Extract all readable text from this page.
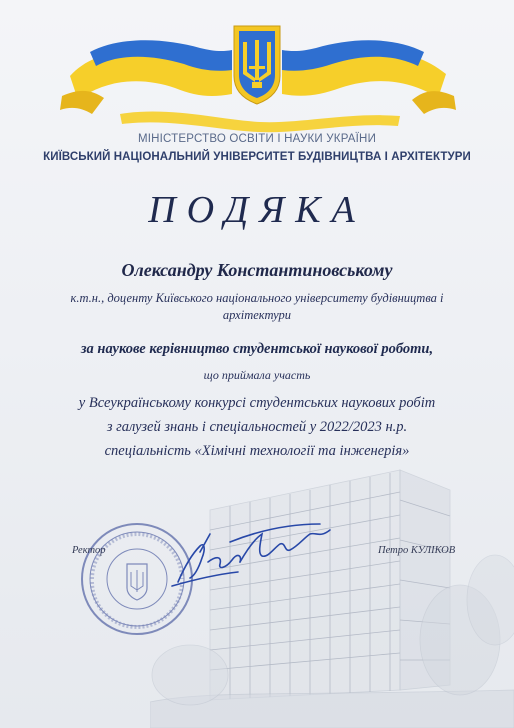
МІНІСТЕРСТВО ОСВІТИ І НАУКИ УКРАЇНИ
КИЇВСЬКИЙ НАЦІОНАЛЬНИЙ УНІВЕРСИТЕТ БУДІВНИЦТВА І АРХІТЕКТУРИ
ПОДЯКА
Олександру Константиновському
к.т.н., доценту Київського національного університету будівництва і
архітектури
за наукове керівництво студентської наукової роботи,
що приймала участь
у Всеукраїнському конкурсі студентських наукових робіт
з галузей знань і спеціальностей у 2022/2023 н.р.
спеціальність «Хімічні технології та інженерія»
Ректор	Петро КУЛІКОВ
